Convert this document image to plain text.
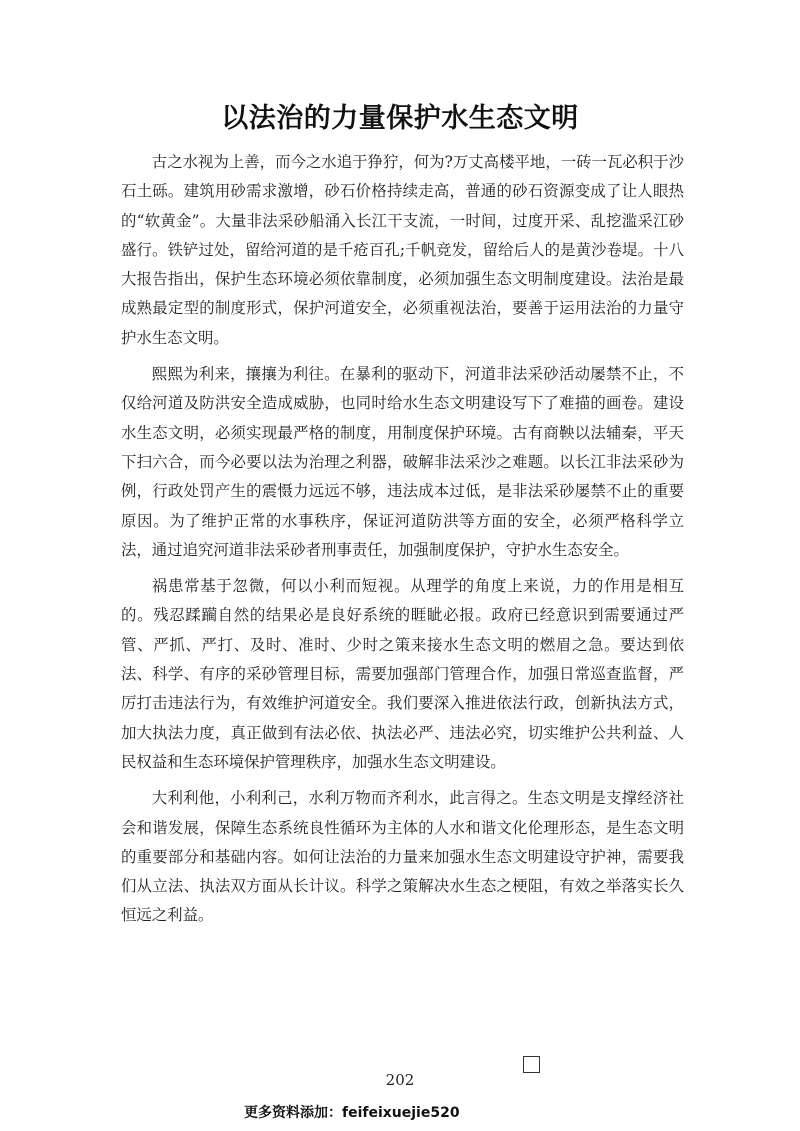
以法治的力量保护水生态文明

古之水视为上善，而今之水追于狰狞，何为?万丈高楼平地，一砖一瓦必积于沙石土砾。建筑用砂需求激增，砂石价格持续走高，普通的砂石资源变成了让人眼热的“软黄金”。大量非法采砂船涌入长江干支流，一时间，过度开采、乱挖滥采江砂盛行。铁铲过处，留给河道的是千疮百孔;千帆竞发，留给后人的是黄沙卷堤。十八大报告指出，保护生态环境必须依靠制度，必须加强生态文明制度建设。法治是最成熟最定型的制度形式，保护河道安全，必须重视法治，要善于运用法治的力量守护水生态文明。

熙熙为利来，攘攘为利往。在暴利的驱动下，河道非法采砂活动屡禁不止，不仅给河道及防洪安全造成威胁，也同时给水生态文明建设写下了难描的画卷。建设水生态文明，必须实现最严格的制度，用制度保护环境。古有商鞅以法辅秦，平天下扫六合，而今必要以法为治理之利器，破解非法采沙之难题。以长江非法采砂为例，行政处罚产生的震慑力远远不够，违法成本过低，是非法采砂屡禁不止的重要原因。为了维护正常的水事秩序，保证河道防洪等方面的安全，必须严格科学立法，通过追究河道非法采砂者刑事责任，加强制度保护，守护水生态安全。

祸患常基于忽微，何以小利而短视。从理学的角度上来说，力的作用是相互的。残忍蹂躏自然的结果必是良好系统的睚眦必报。政府已经意识到需要通过严管、严抓、严打、及时、准时、少时之策来接水生态文明的燃眉之急。要达到依法、科学、有序的采砂管理目标，需要加强部门管理合作，加强日常巡查监督，严厉打击违法行为，有效维护河道安全。我们要深入推进依法行政，创新执法方式，加大执法力度，真正做到有法必依、执法必严、违法必究，切实维护公共利益、人民权益和生态环境保护管理秩序，加强水生态文明建设。

大利利他，小利利己，水利万物而齐利水，此言得之。生态文明是支撑经济社会和谐发展，保障生态系统良性循环为主体的人水和谐文化伦理形态，是生态文明的重要部分和基础内容。如何让法治的力量来加强水生态文明建设守护神，需要我们从立法、执法双方面从长计议。科学之策解决水生态之梗阻，有效之举落实长久恒远之利益。

202
更多资料添加：feifeixuejie520
